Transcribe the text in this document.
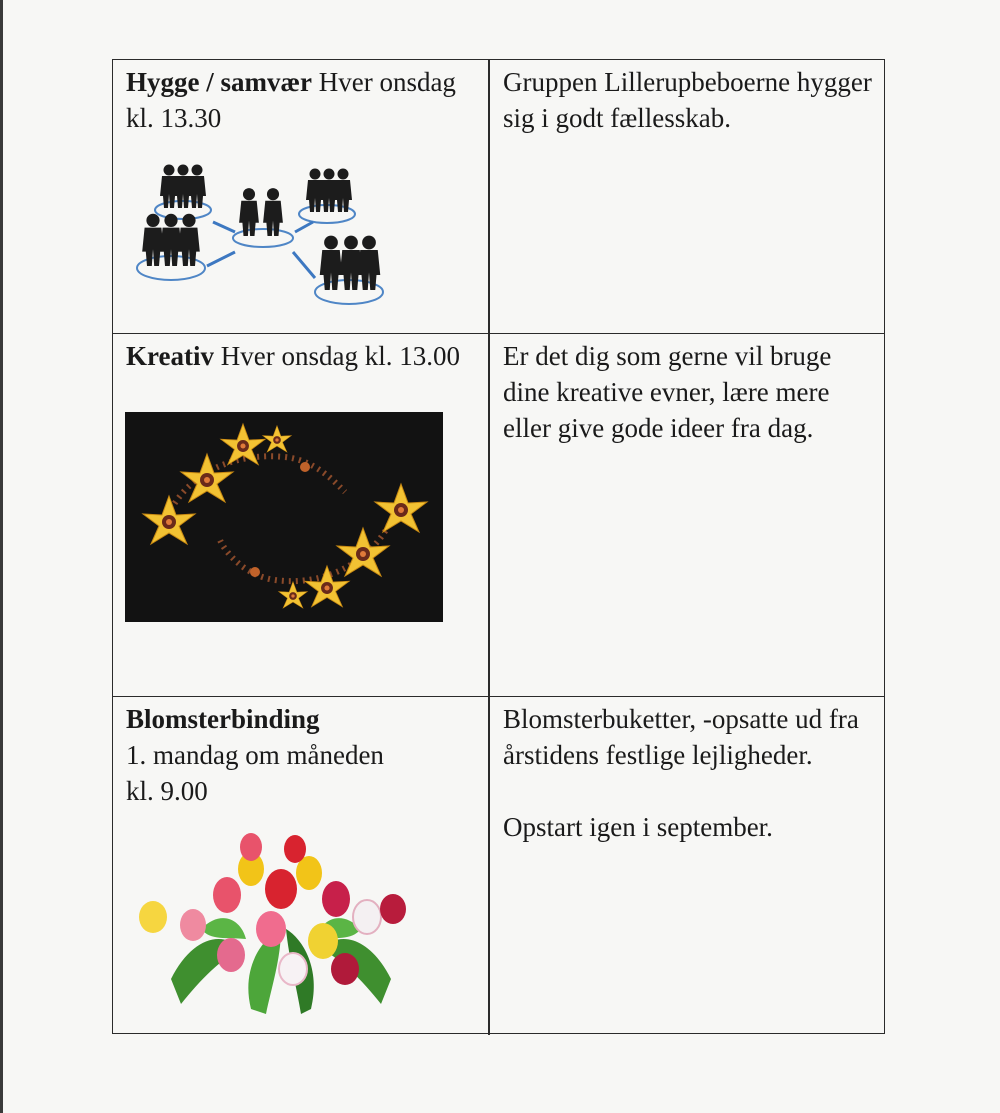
Hygge / samvær Hver onsdag kl. 13.30
Gruppen Lillerupbeboerne hygger sig i godt fællesskab.
Kreativ Hver onsdag kl. 13.00	Er det dig som gerne vil bruge dine kreative evner, lære mere eller give gode ideer fra dag.
Blomsterbinding
1. mandag om måneden
kl. 9.00
Blomsterbuketter, -opsatte ud fra årstidens festlige lejligheder.
Opstart igen i september.
